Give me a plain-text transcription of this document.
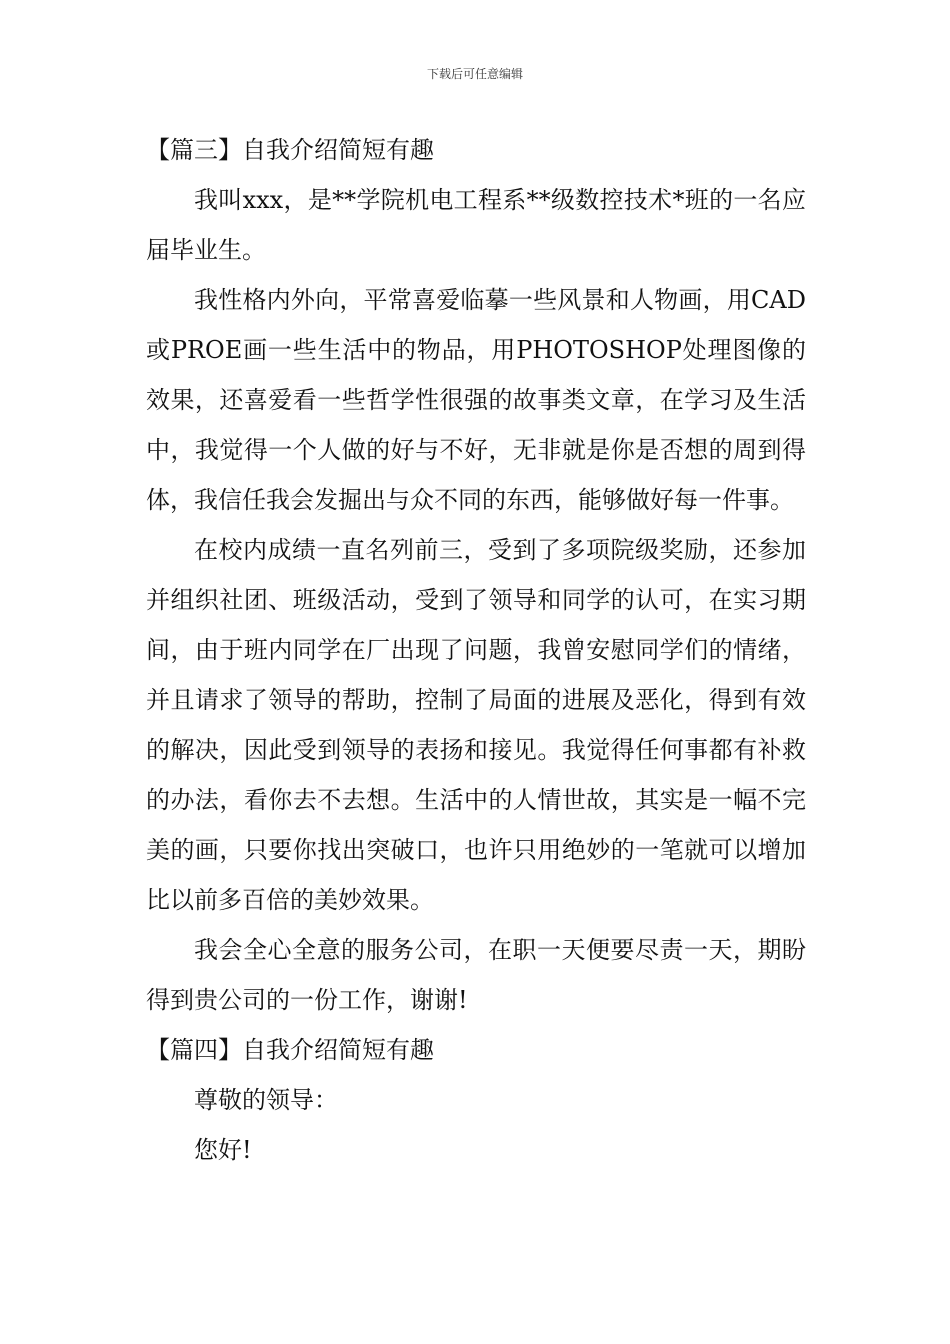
下载后可任意编辑
【篇三】自我介绍简短有趣

我叫xxx，是**学院机电工程系**级数控技术*班的一名应届毕业生。

我性格内外向，平常喜爱临摹一些风景和人物画，用CAD或PROE画一些生活中的物品，用PHOTOSHOP处理图像的效果，还喜爱看一些哲学性很强的故事类文章，在学习及生活中，我觉得一个人做的好与不好，无非就是你是否想的周到得体，我信任我会发掘出与众不同的东西，能够做好每一件事。

在校内成绩一直名列前三，受到了多项院级奖励，还参加并组织社团、班级活动，受到了领导和同学的认可，在实习期间，由于班内同学在厂出现了问题，我曾安慰同学们的情绪，并且请求了领导的帮助，控制了局面的进展及恶化，得到有效的解决，因此受到领导的表扬和接见。我觉得任何事都有补救的办法，看你去不去想。生活中的人情世故，其实是一幅不完美的画，只要你找出突破口，也许只用绝妙的一笔就可以增加比以前多百倍的美妙效果。

我会全心全意的服务公司，在职一天便要尽责一天，期盼得到贵公司的一份工作，谢谢!

【篇四】自我介绍简短有趣

尊敬的领导：

您好!
